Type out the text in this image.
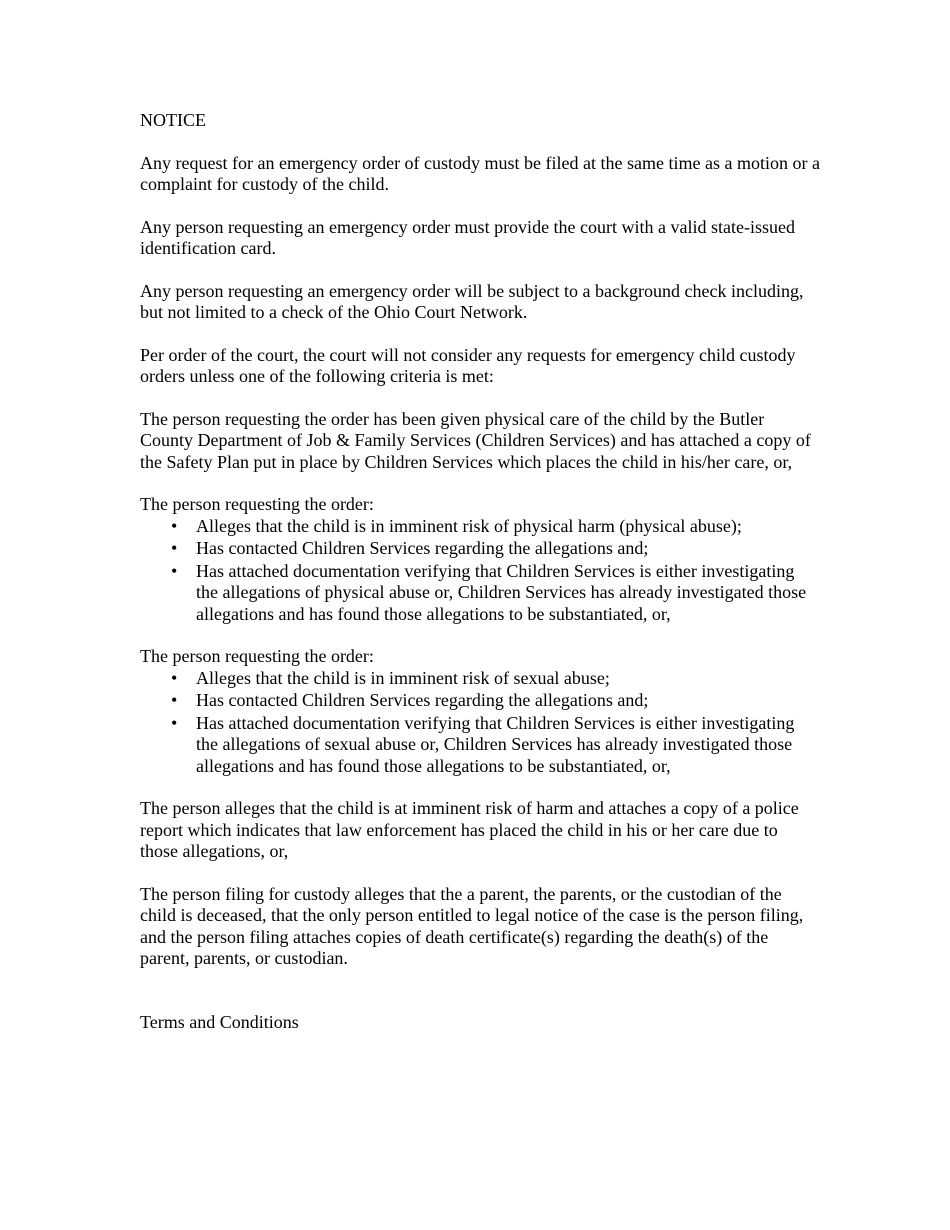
NOTICE
Any request for an emergency order of custody must be filed at the same time as a motion or a complaint for custody of the child.
Any person requesting an emergency order must provide the court with a valid state-issued identification card.
Any person requesting an emergency order will be subject to a background check including, but not limited to a check of the Ohio Court Network.
Per order of the court, the court will not consider any requests for emergency child custody orders unless one of the following criteria is met:
The person requesting the order has been given physical care of the child by the Butler County Department of Job & Family Services (Children Services) and has attached a copy of the Safety Plan put in place by Children Services which places the child in his/her care, or,
The person requesting the order:
• Alleges that the child is in imminent risk of physical harm (physical abuse);
• Has contacted Children Services regarding the allegations and;
• Has attached documentation verifying that Children Services is either investigating the allegations of physical abuse or, Children Services has already investigated those allegations and has found those allegations to be substantiated, or,
The person requesting the order:
• Alleges that the child is in imminent risk of sexual abuse;
• Has contacted Children Services regarding the allegations and;
• Has attached documentation verifying that Children Services is either investigating the allegations of sexual abuse or, Children Services has already investigated those allegations and has found those allegations to be substantiated, or,
The person alleges that the child is at imminent risk of harm and attaches a copy of a police report which indicates that law enforcement has placed the child in his or her care due to those allegations, or,
The person filing for custody alleges that the a parent, the parents, or the custodian of the child is deceased, that the only person entitled to legal notice of the case is the person filing, and the person filing attaches copies of death certificate(s) regarding the death(s) of the parent, parents, or custodian.
Terms and Conditions
